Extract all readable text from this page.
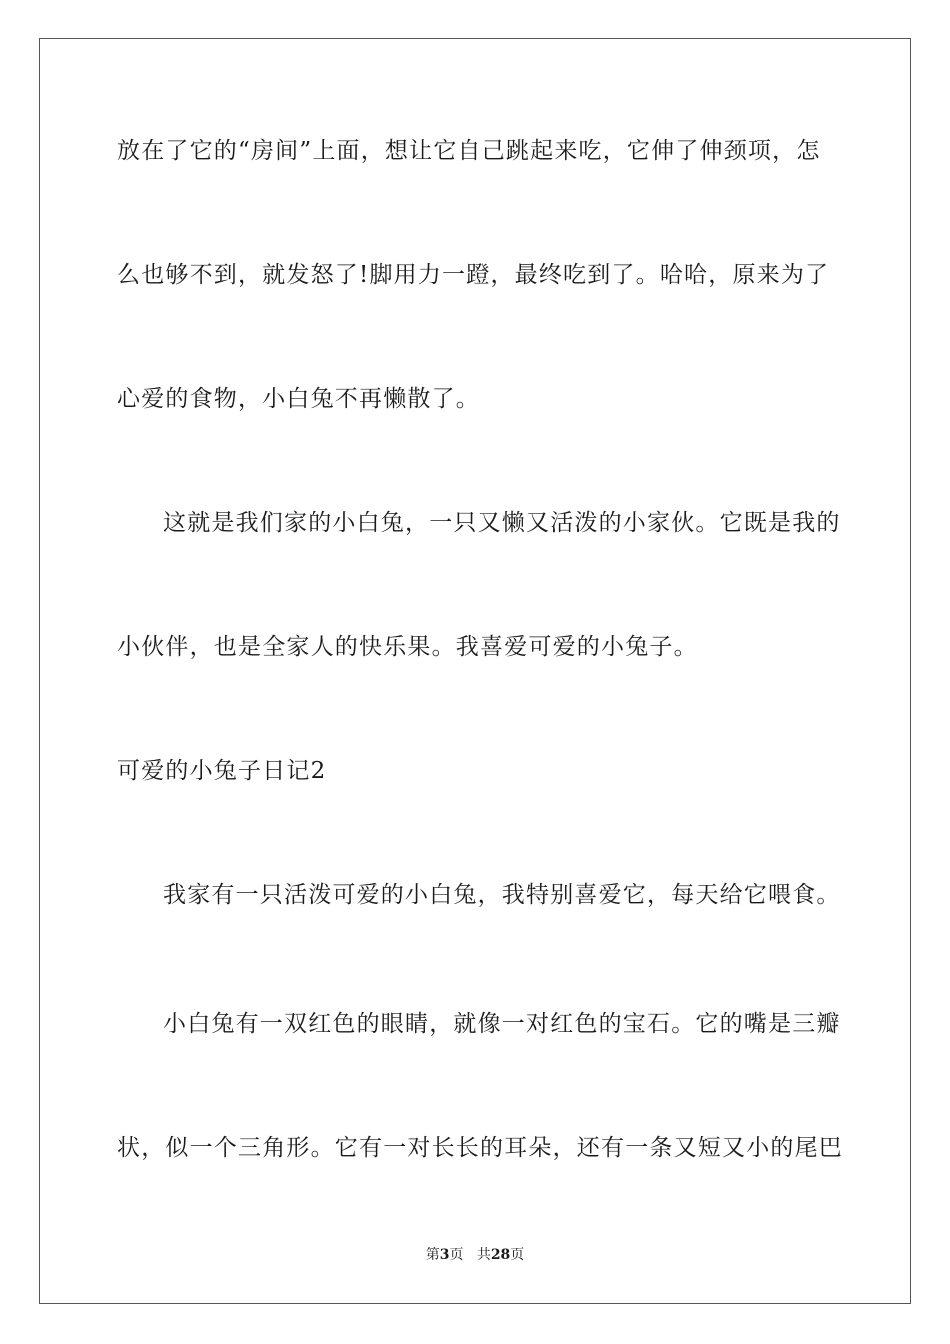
放在了它的“房间”上面，想让它自己跳起来吃，它伸了伸颈项，怎
么也够不到，就发怒了!脚用力一蹬，最终吃到了。哈哈，原来为了
心爱的食物，小白兔不再懒散了。
这就是我们家的小白兔，一只又懒又活泼的小家伙。它既是我的
小伙伴，也是全家人的快乐果。我喜爱可爱的小兔子。
可爱的小兔子日记2
我家有一只活泼可爱的小白兔，我特别喜爱它，每天给它喂食。
小白兔有一双红色的眼睛，就像一对红色的宝石。它的嘴是三瓣
状，似一个三角形。它有一对长长的耳朵，还有一条又短又小的尾巴
第3页 共28页
